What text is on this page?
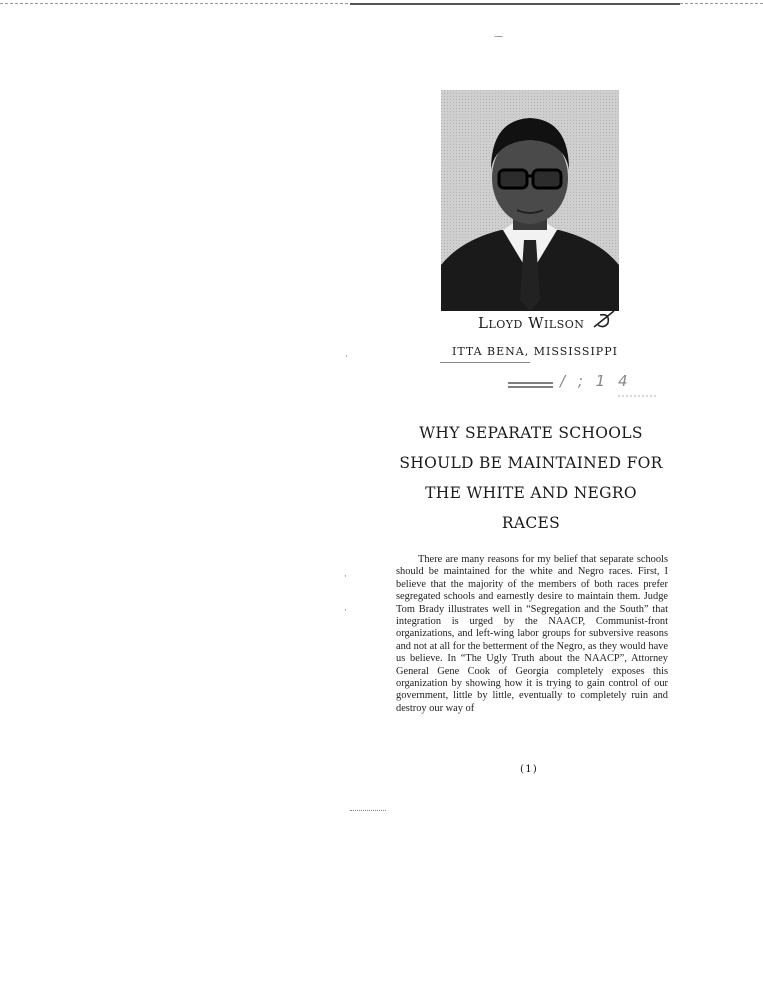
—
·
·
·
Lloyd Wilson
ITTA BENA, MISSISSIPPI
/ ; 1 4
WHY SEPARATE SCHOOLS
SHOULD BE MAINTAINED FOR
THE WHITE AND NEGRO
RACES

There are many reasons for my belief that separate schools should be maintained for the white and Negro races. First, I believe that the majority of the members of both races prefer segregated schools and earnestly desire to maintain them. Judge Tom Brady illustrates well in “Segregation and the South” that integration is urged by the NAACP, Communist-front organizations, and left-wing labor groups for subversive reasons and not at all for the betterment of the Negro, as they would have us believe. In “The Ugly Truth about the NAACP”, Attorney General Gene Cook of Georgia completely exposes this organization by showing how it is trying to gain control of our government, little by little, eventually to completely ruin and destroy our way of

(1)
